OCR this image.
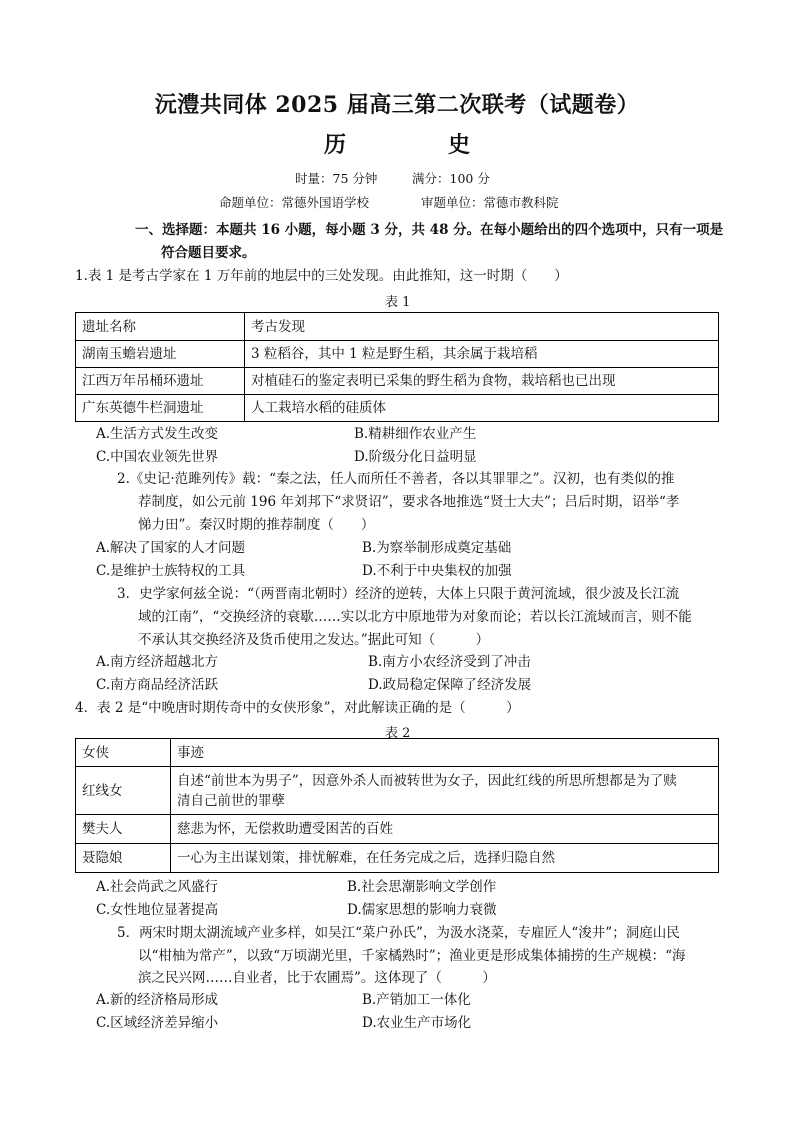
沅澧共同体 2025 届高三第二次联考（试题卷）
历　史
时量：75 分钟	满分：100 分
命题单位：常德外国语学校	审题单位：常德市教科院
一、选择题：本题共 16 小题，每小题 3 分，共 48 分。在每小题给出的四个选项中，只有一项是
符合题目要求。
1.表 1 是考古学家在 1 万年前的地层中的三处发现。由此推知，这一时期（　　）
表 1
遗址名称	考古发现
湖南玉蟾岩遗址	3 粒稻谷，其中 1 粒是野生稻，其余属于栽培稻
江西万年吊桶环遗址	对植硅石的鉴定表明已采集的野生稻为食物，栽培稻也已出现
广东英德牛栏洞遗址	人工栽培水稻的硅质体
A.生活方式发生改变	B.精耕细作农业产生
C.中国农业领先世界	D.阶级分化日益明显
2.《史记·范雎列传》载：“秦之法，任人而所任不善者，各以其罪罪之”。汉初，也有类似的推
荐制度，如公元前 196 年刘邦下“求贤诏”，要求各地推选“贤士大夫”；吕后时期，诏举“孝
悌力田”。秦汉时期的推荐制度（　　）
A.解决了国家的人才问题	B.为察举制形成奠定基础
C.是维护士族特权的工具	D.不利于中央集权的加强
3．史学家何兹全说：“（两晋南北朝时）经济的逆转，大体上只限于黄河流域，很少波及长江流
域的江南”，“交换经济的衰歇……实以北方中原地带为对象而论；若以长江流域而言，则不能
不承认其交换经济及货币使用之发达。”据此可知（　　　）
A.南方经济超越北方	B.南方小农经济受到了冲击
C.南方商品经济活跃	D.政局稳定保障了经济发展
4．表 2 是“中晚唐时期传奇中的女侠形象”，对此解读正确的是（　　　）
表 2
女侠	事迹
红线女	自述“前世本为男子”，因意外杀人而被转世为女子，因此红线的所思所想都是为了赎
清自己前世的罪孽

樊夫人	慈悲为怀，无偿救助遭受困苦的百姓
聂隐娘	一心为主出谋划策，排忧解难，在任务完成之后，选择归隐自然
A.社会尚武之风盛行	B.社会思潮影响文学创作
C.女性地位显著提高	D.儒家思想的影响力衰微
5．两宋时期太湖流域产业多样，如吴江“菜户孙氏”，为汲水浇菜，专雇匠人“浚井”；洞庭山民
以“柑柚为常产”，以致“万顷湖光里，千家橘熟时”；渔业更是形成集体捕捞的生产规模：“海
滨之民兴网……自业者，比于农圃焉”。这体现了（　　　）
A.新的经济格局形成	B.产销加工一体化
C.区域经济差异缩小	D.农业生产市场化
